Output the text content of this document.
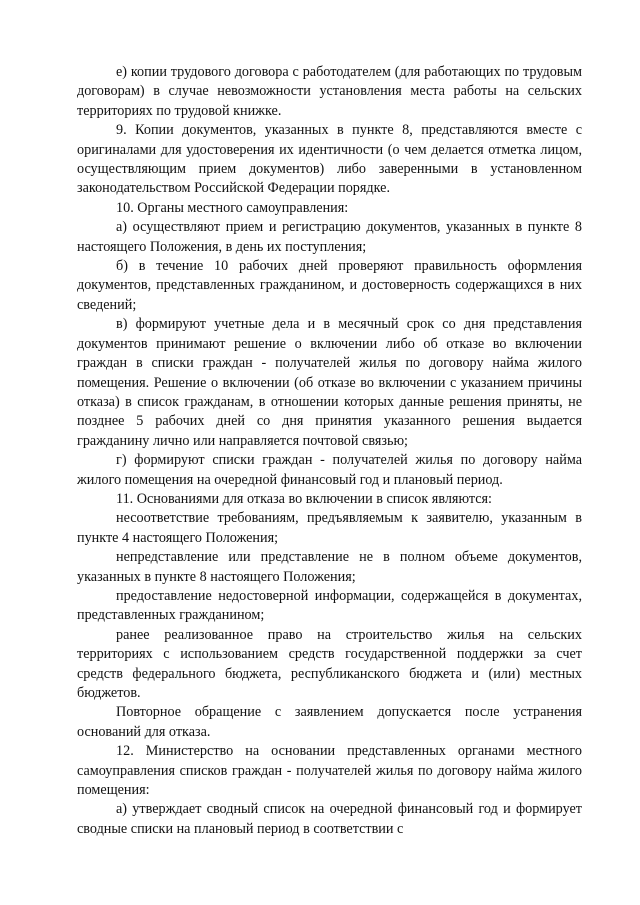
е) копии трудового договора с работодателем (для работающих по трудовым договорам) в случае невозможности установления места работы на сельских территориях по трудовой книжке.

9. Копии документов, указанных в пункте 8, представляются вместе с оригиналами для удостоверения их идентичности (о чем делается отметка лицом, осуществляющим прием документов) либо заверенными в установленном законодательством Российской Федерации порядке.

10. Органы местного самоуправления:

а) осуществляют прием и регистрацию документов, указанных в пункте 8 настоящего Положения, в день их поступления;

б) в течение 10 рабочих дней проверяют правильность оформления документов, представленных гражданином, и достоверность содержащихся в них сведений;

в) формируют учетные дела и в месячный срок со дня представления документов принимают решение о включении либо об отказе во включении граждан в списки граждан - получателей жилья по договору найма жилого помещения. Решение о включении (об отказе во включении с указанием причины отказа) в список гражданам, в отношении которых данные решения приняты, не позднее 5 рабочих дней со дня принятия указанного решения выдается гражданину лично или направляется почтовой связью;

г) формируют списки граждан - получателей жилья по договору найма жилого помещения на очередной финансовый год и плановый период.

11. Основаниями для отказа во включении в список являются:

несоответствие требованиям, предъявляемым к заявителю, указанным в пункте 4 настоящего Положения;

непредставление или представление не в полном объеме документов, указанных в пункте 8 настоящего Положения;

предоставление недостоверной информации, содержащейся в документах, представленных гражданином;

ранее реализованное право на строительство жилья на сельских территориях с использованием средств государственной поддержки за счет средств федерального бюджета, республиканского бюджета и (или) местных бюджетов.

Повторное обращение с заявлением допускается после устранения оснований для отказа.

12. Министерство на основании представленных органами местного самоуправления списков граждан - получателей жилья по договору найма жилого помещения:

а) утверждает сводный список на очередной финансовый год и формирует сводные списки на плановый период в соответствии с
